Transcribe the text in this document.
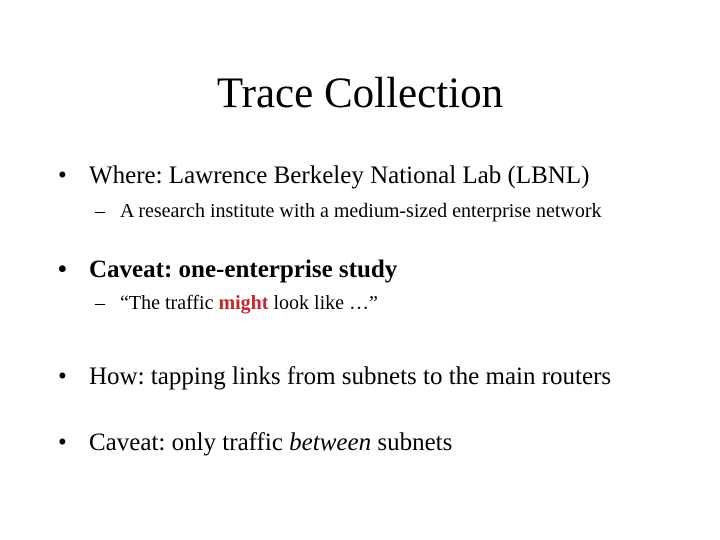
Trace Collection
• Where: Lawrence Berkeley National Lab (LBNL)
– A research institute with a medium-sized enterprise network
• Caveat: one-enterprise study
– “The traffic might look like …”
• How: tapping links from subnets to the main routers
• Caveat: only traffic between subnets
